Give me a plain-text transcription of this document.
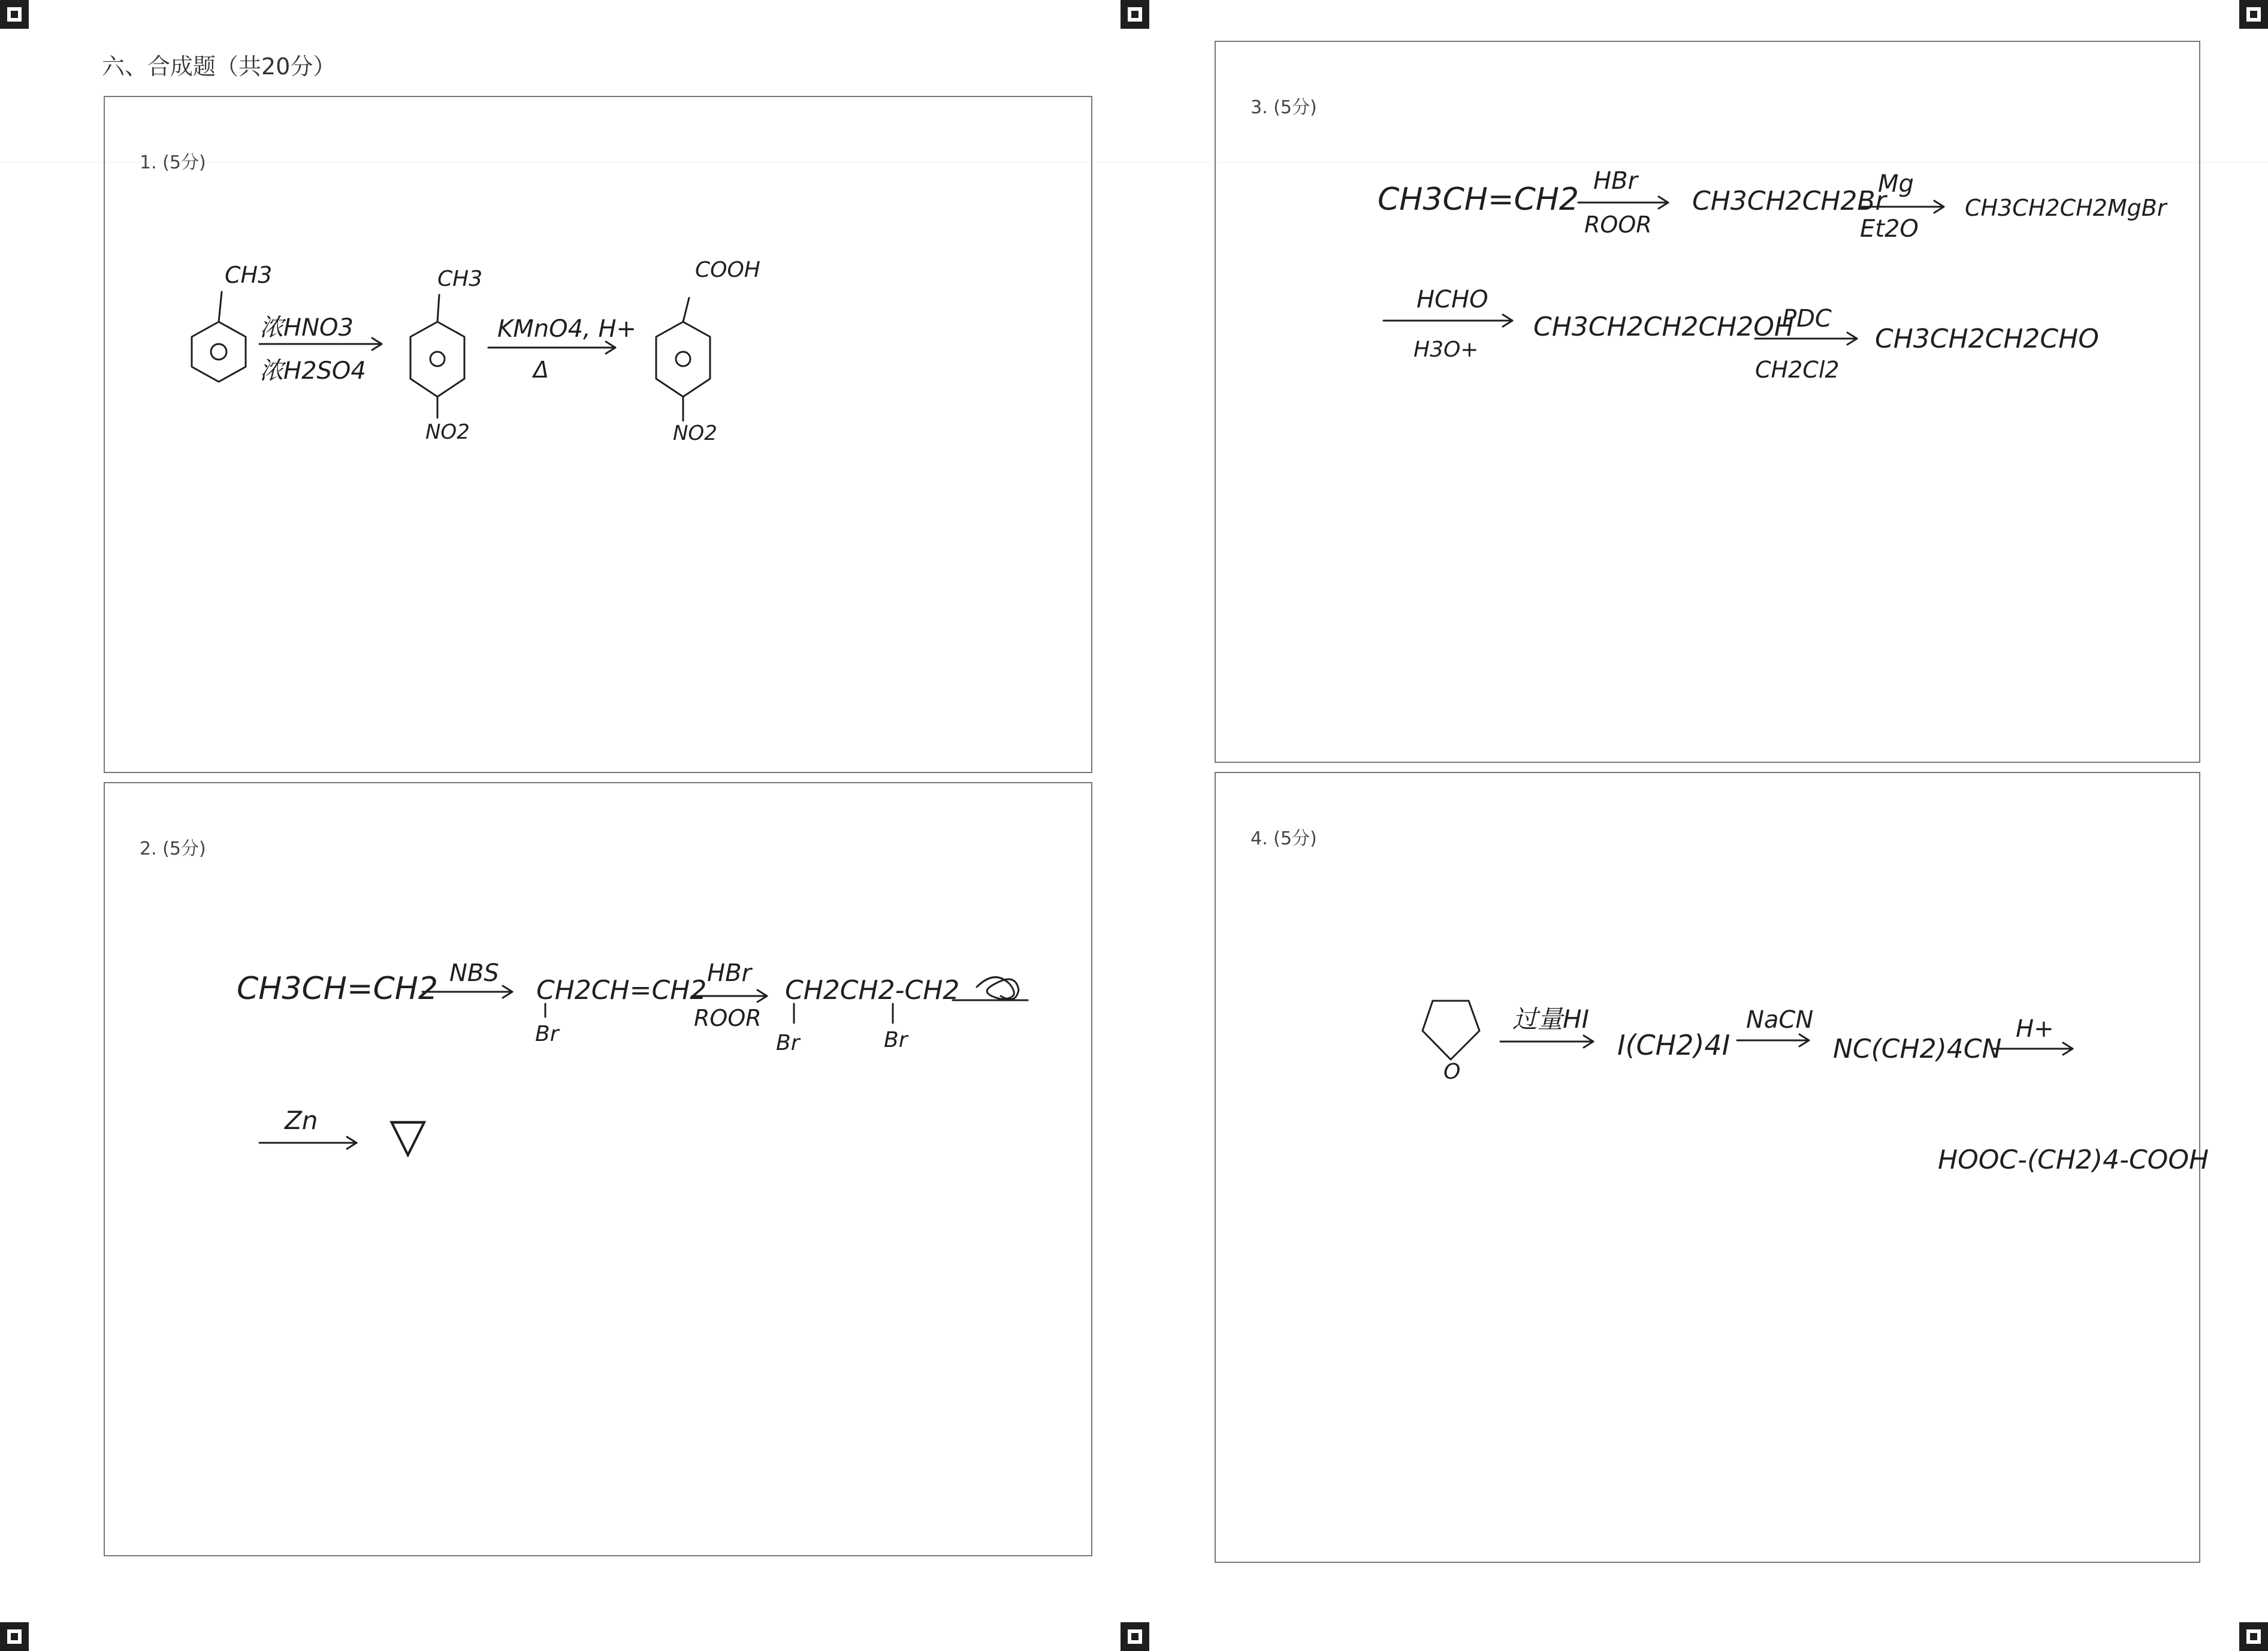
六、合成题（共20分）
1. (5分)
CH3
浓HNO3
浓H2SO4
CH3
NO2
KMnO4, H+
Δ
COOH
NO2
2. (5分)
CH3CH=CH2 NBS
CH2CH=CH2
Br
HBr
ROOR
CH2CH2-CH2
Br	Br
Zn ▽
3. (5分)
CH3CH=CH2
HBr
ROOR
CH3CH2CH2Br
Mg
Et2O
CH3CH2CH2MgBr
HCHO
H3O+
CH3CH2CH2CH2OH
PDC
CH2Cl2
CH3CH2CH2CHO
4. (5分)
O
过量HI
I(CH2)4I
NaCN
NC(CH2)4CN
H+
HOOC-(CH2)4-COOH
